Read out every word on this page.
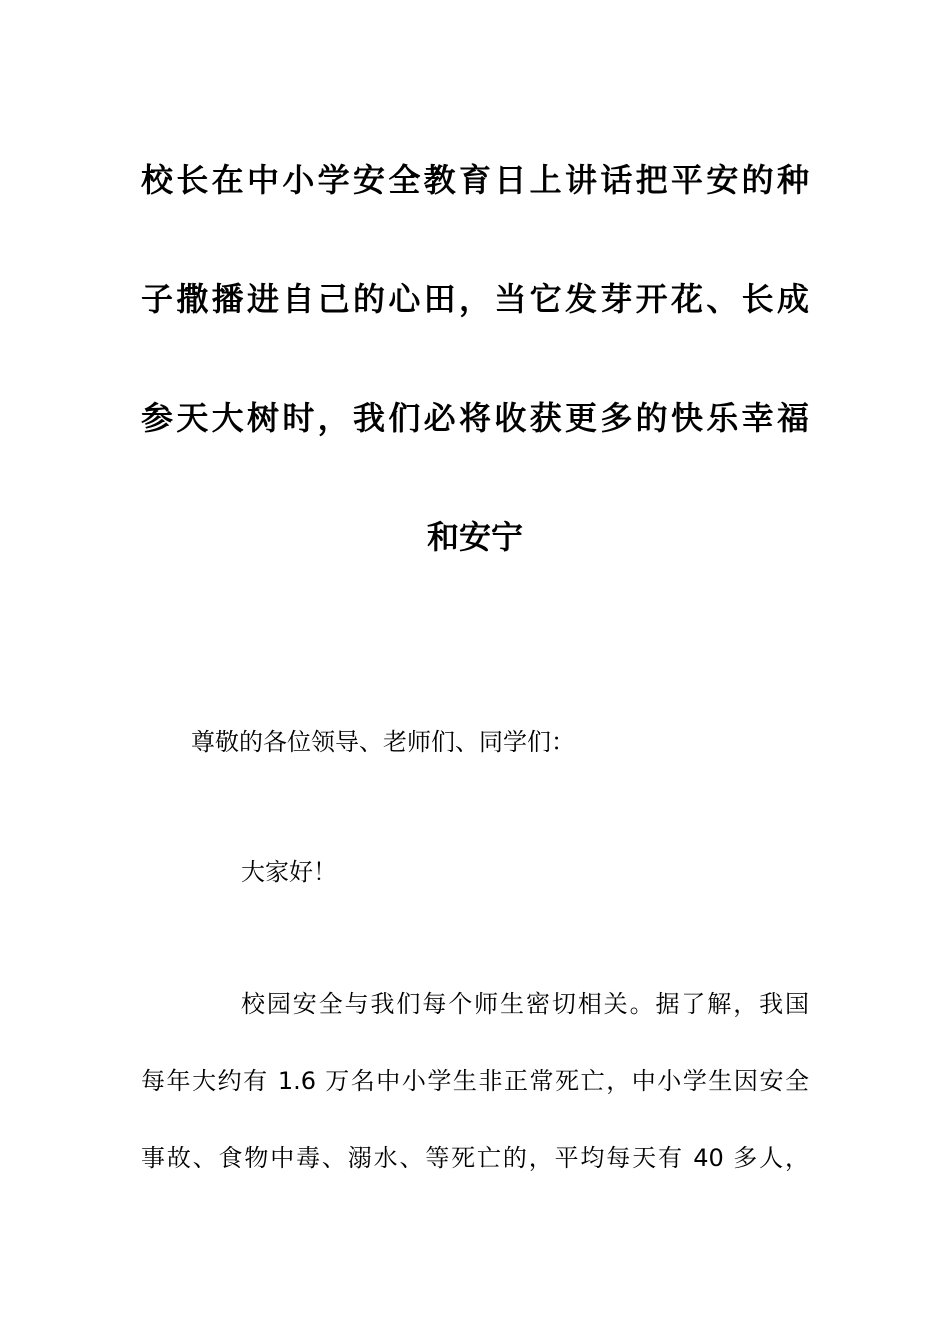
校长在中小学安全教育日上讲话把平安的种
子撒播进自己的心田，当它发芽开花、长成
参天大树时，我们必将收获更多的快乐幸福
和安宁

尊敬的各位领导、老师们、同学们：

大家好！

校园安全与我们每个师生密切相关。据了解，我国
每年大约有 1.6 万名中小学生非正常死亡，中小学生因安全
事故、食物中毒、溺水、等死亡的，平均每天有 40 多人，
